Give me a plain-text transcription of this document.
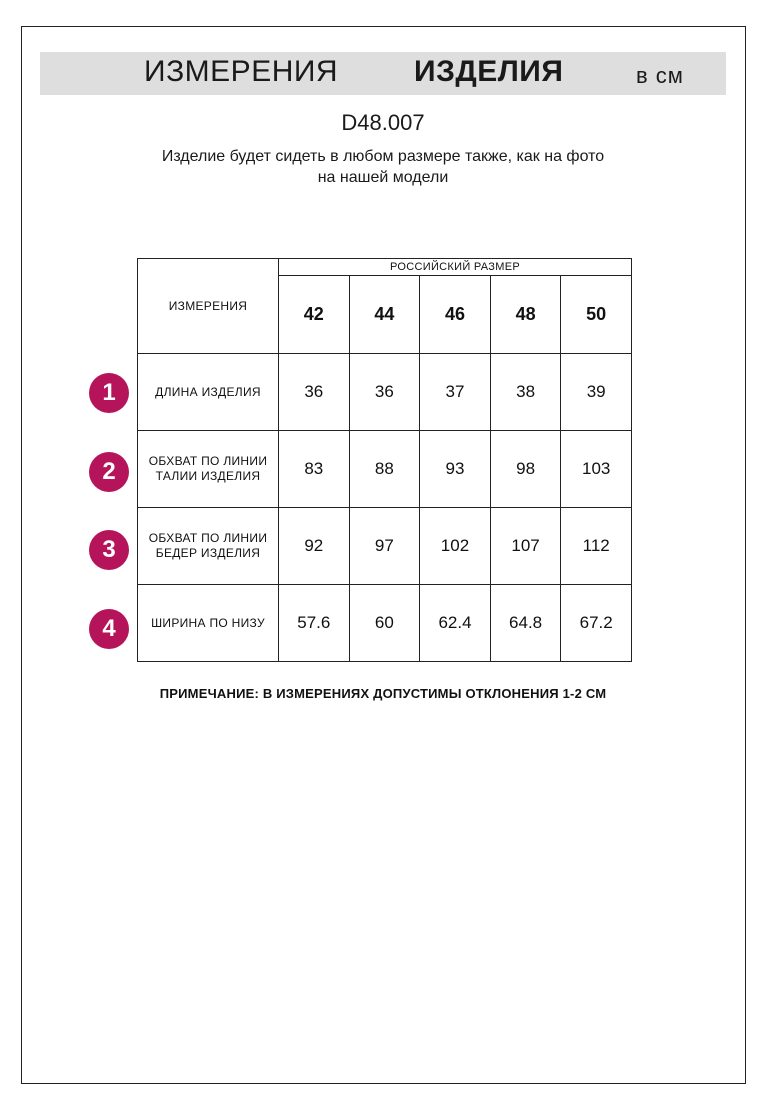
ИЗМЕРЕНИЯ	ИЗДЕЛИЯ	в см
D48.007
Изделие будет сидеть в любом размере также, как на фото
на нашей модели
ИЗМЕРЕНИЯ	РОССИЙСКИЙ РАЗМЕР				
	42	44	46	48	50

ДЛИНА ИЗДЕЛИЯ	36	36	37	38	39

ОБХВАТ ПО ЛИНИИ
ТАЛИИ ИЗДЕЛИЯ	83	88	93	98	103

ОБХВАТ ПО ЛИНИИ
БЕДЕР ИЗДЕЛИЯ	92	97	102	107	112

ШИРИНА ПО НИЗУ	57.6	60	62.4	64.8	67.2
1
2
3
4
ПРИМЕЧАНИЕ: В ИЗМЕРЕНИЯХ ДОПУСТИМЫ ОТКЛОНЕНИЯ 1-2 СМ
